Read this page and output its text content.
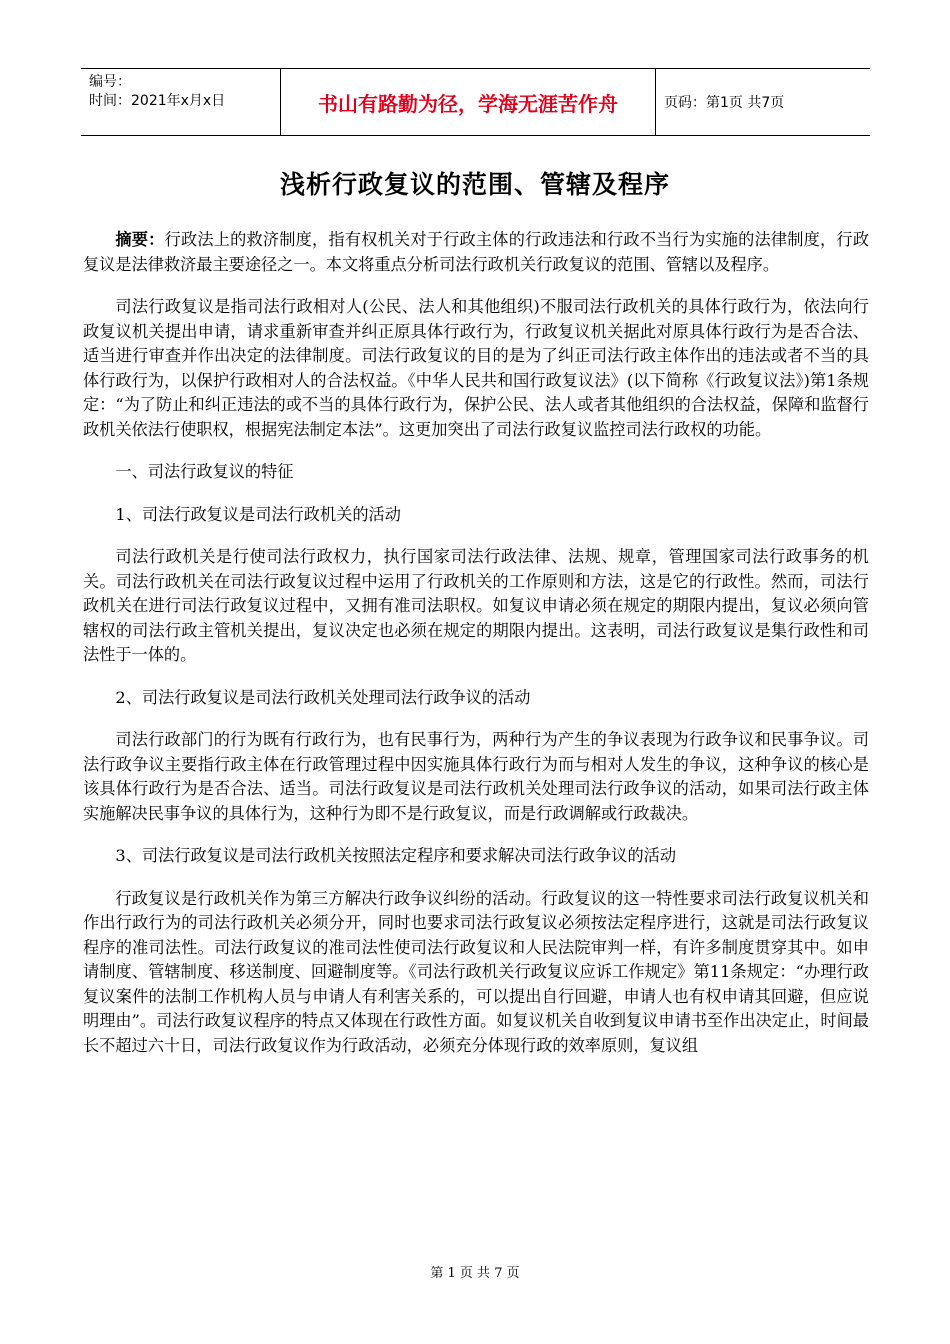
编号：
时间：2021年x月x日	书山有路勤为径，学海无涯苦作舟	页码：第1页 共7页
浅析行政复议的范围、管辖及程序

摘要：行政法上的救济制度，指有权机关对于行政主体的行政违法和行政不当行为实施的法律制度，行政复议是法律救济最主要途径之一。本文将重点分析司法行政机关行政复议的范围、管辖以及程序。

司法行政复议是指司法行政相对人(公民、法人和其他组织)不服司法行政机关的具体行政行为，依法向行政复议机关提出申请，请求重新审查并纠正原具体行政行为，行政复议机关据此对原具体行政行为是否合法、适当进行审查并作出决定的法律制度。司法行政复议的目的是为了纠正司法行政主体作出的违法或者不当的具体行政行为，以保护行政相对人的合法权益。《中华人民共和国行政复议法》(以下简称《行政复议法》)第1条规定：“为了防止和纠正违法的或不当的具体行政行为，保护公民、法人或者其他组织的合法权益，保障和监督行政机关依法行使职权，根据宪法制定本法”。这更加突出了司法行政复议监控司法行政权的功能。

一、司法行政复议的特征

1、司法行政复议是司法行政机关的活动

司法行政机关是行使司法行政权力，执行国家司法行政法律、法规、规章，管理国家司法行政事务的机关。司法行政机关在司法行政复议过程中运用了行政机关的工作原则和方法，这是它的行政性。然而，司法行政机关在进行司法行政复议过程中，又拥有准司法职权。如复议申请必须在规定的期限内提出，复议必须向管辖权的司法行政主管机关提出，复议决定也必须在规定的期限内提出。这表明，司法行政复议是集行政性和司法性于一体的。

2、司法行政复议是司法行政机关处理司法行政争议的活动

司法行政部门的行为既有行政行为，也有民事行为，两种行为产生的争议表现为行政争议和民事争议。司法行政争议主要指行政主体在行政管理过程中因实施具体行政行为而与相对人发生的争议，这种争议的核心是该具体行政行为是否合法、适当。司法行政复议是司法行政机关处理司法行政争议的活动，如果司法行政主体实施解决民事争议的具体行为，这种行为即不是行政复议，而是行政调解或行政裁决。

3、司法行政复议是司法行政机关按照法定程序和要求解决司法行政争议的活动

行政复议是行政机关作为第三方解决行政争议纠纷的活动。行政复议的这一特性要求司法行政复议机关和作出行政行为的司法行政机关必须分开，同时也要求司法行政复议必须按法定程序进行，这就是司法行政复议程序的准司法性。司法行政复议的准司法性使司法行政复议和人民法院审判一样，有许多制度贯穿其中。如申请制度、管辖制度、移送制度、回避制度等。《司法行政机关行政复议应诉工作规定》第11条规定：“办理行政复议案件的法制工作机构人员与申请人有利害关系的，可以提出自行回避，申请人也有权申请其回避，但应说明理由”。司法行政复议程序的特点又体现在行政性方面。如复议机关自收到复议申请书至作出决定止，时间最长不超过六十日，司法行政复议作为行政活动，必须充分体现行政的效率原则，复议组

第 1 页 共 7 页
